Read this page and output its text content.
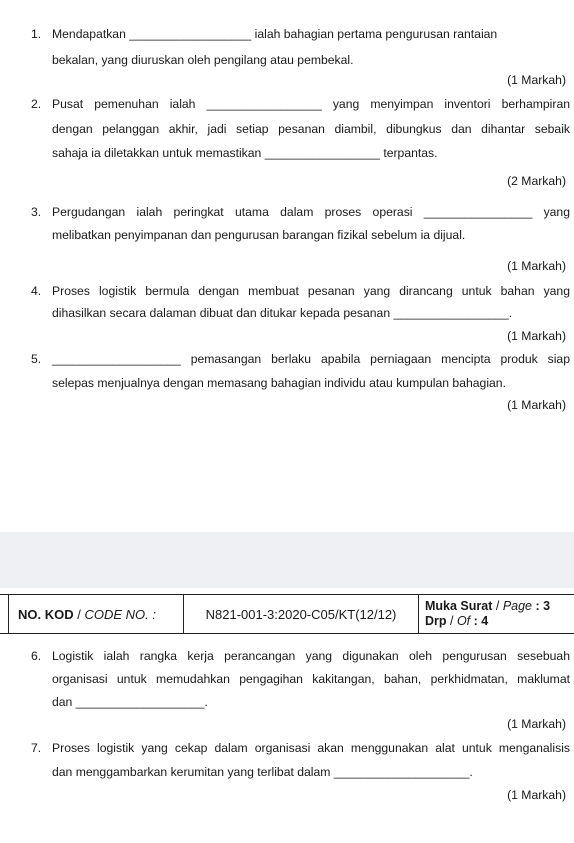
1. Mendapatkan __________________ ialah bahagian pertama pengurusan rantaian
bekalan, yang diuruskan oleh pengilang atau pembekal.
(1 Markah)
2. Pusat pemenuhan ialah _________________ yang menyimpan inventori berhampiran
dengan pelanggan akhir, jadi setiap pesanan diambil, dibungkus dan dihantar sebaik
sahaja ia diletakkan untuk memastikan _________________ terpantas.
(2 Markah)
3. Pergudangan ialah peringkat utama dalam proses operasi ________________ yang
melibatkan penyimpanan dan pengurusan barangan fizikal sebelum ia dijual.
(1 Markah)
4. Proses logistik bermula dengan membuat pesanan yang dirancang untuk bahan yang
dihasilkan secara dalaman dibuat dan ditukar kepada pesanan _________________.
(1 Markah)
5. ___________________ pemasangan berlaku apabila perniagaan mencipta produk siap
selepas menjualnya dengan memasang bahagian individu atau kumpulan bahagian.
(1 Markah)
NO. KOD / CODE NO. :	N821-001-3:2020-C05/KT(12/12)
Muka Surat / Page : 3
Drp / Of : 4
6. Logistik ialah rangka kerja perancangan yang digunakan oleh pengurusan sesebuah
organisasi untuk memudahkan pengagihan kakitangan, bahan, perkhidmatan, maklumat
dan ___________________.
(1 Markah)
7. Proses logistik yang cekap dalam organisasi akan menggunakan alat untuk menganalisis
dan menggambarkan kerumitan yang terlibat dalam ____________________.
(1 Markah)
